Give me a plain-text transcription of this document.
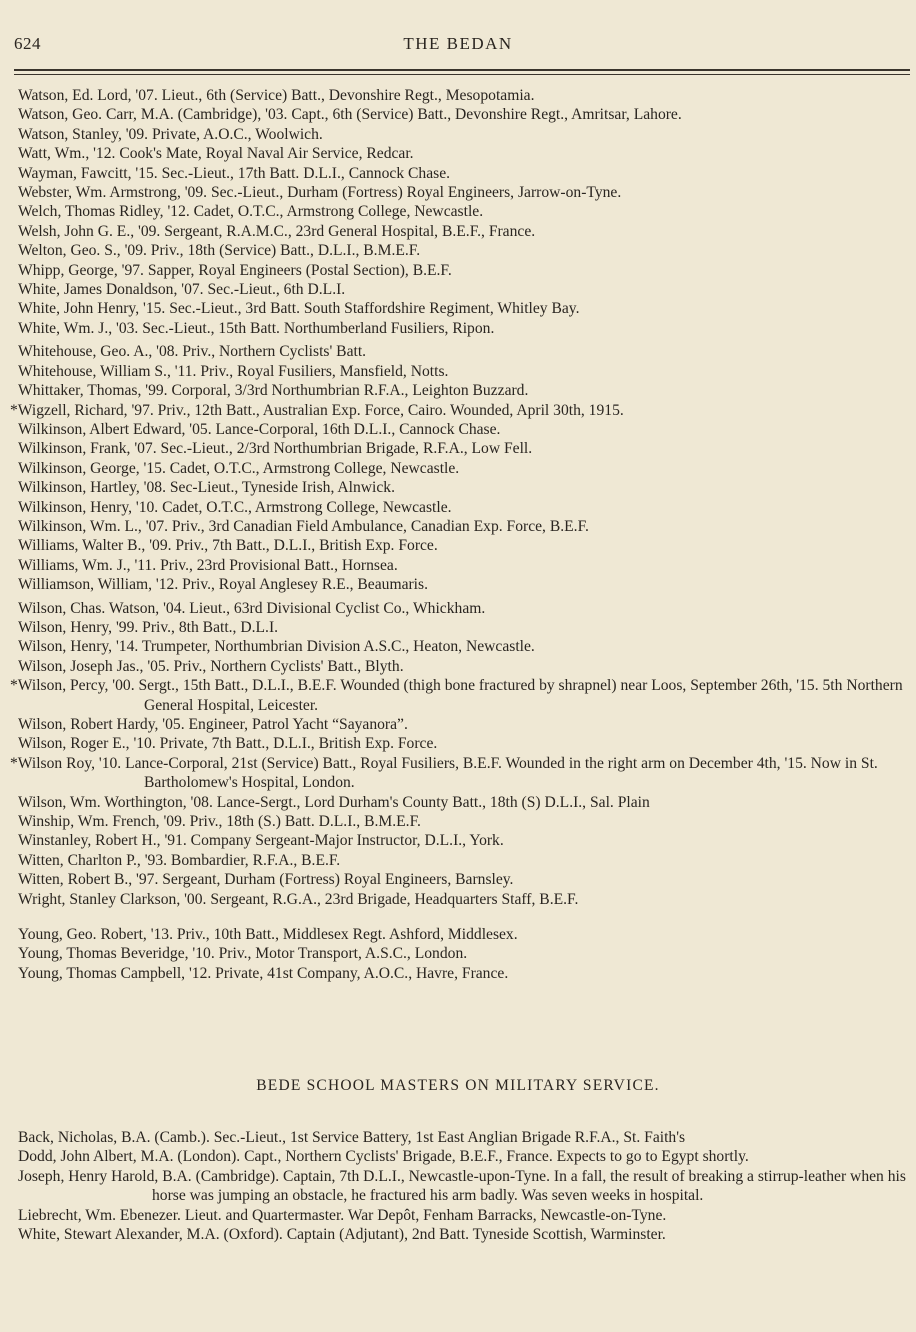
624	THE BEDAN
Watson, Ed. Lord, '07. Lieut., 6th (Service) Batt., Devonshire Regt., Mesopotamia.
Watson, Geo. Carr, M.A. (Cambridge), '03. Capt., 6th (Service) Batt., Devonshire Regt., Amritsar, Lahore.
Watson, Stanley, '09. Private, A.O.C., Woolwich.
Watt, Wm., '12. Cook's Mate, Royal Naval Air Service, Redcar.
Wayman, Fawcitt, '15. Sec.-Lieut., 17th Batt. D.L.I., Cannock Chase.
Webster, Wm. Armstrong, '09. Sec.-Lieut., Durham (Fortress) Royal Engineers, Jarrow-on-Tyne.
Welch, Thomas Ridley, '12. Cadet, O.T.C., Armstrong College, Newcastle.
Welsh, John G. E., '09. Sergeant, R.A.M.C., 23rd General Hospital, B.E.F., France.
Welton, Geo. S., '09. Priv., 18th (Service) Batt., D.L.I., B.M.E.F.
Whipp, George, '97. Sapper, Royal Engineers (Postal Section), B.E.F.
White, James Donaldson, '07. Sec.-Lieut., 6th D.L.I.
White, John Henry, '15. Sec.-Lieut., 3rd Batt. South Staffordshire Regiment, Whitley Bay.
White, Wm. J., '03. Sec.-Lieut., 15th Batt. Northumberland Fusiliers, Ripon.
Whitehouse, Geo. A., '08. Priv., Northern Cyclists' Batt.
Whitehouse, William S., '11. Priv., Royal Fusiliers, Mansfield, Notts.
Whittaker, Thomas, '99. Corporal, 3/3rd Northumbrian R.F.A., Leighton Buzzard.
*Wigzell, Richard, '97. Priv., 12th Batt., Australian Exp. Force, Cairo. Wounded, April 30th, 1915.
Wilkinson, Albert Edward, '05. Lance-Corporal, 16th D.L.I., Cannock Chase.
Wilkinson, Frank, '07. Sec.-Lieut., 2/3rd Northumbrian Brigade, R.F.A., Low Fell.
Wilkinson, George, '15. Cadet, O.T.C., Armstrong College, Newcastle.
Wilkinson, Hartley, '08. Sec-Lieut., Tyneside Irish, Alnwick.
Wilkinson, Henry, '10. Cadet, O.T.C., Armstrong College, Newcastle.
Wilkinson, Wm. L., '07. Priv., 3rd Canadian Field Ambulance, Canadian Exp. Force, B.E.F.
Williams, Walter B., '09. Priv., 7th Batt., D.L.I., British Exp. Force.
Williams, Wm. J., '11. Priv., 23rd Provisional Batt., Hornsea.
Williamson, William, '12. Priv., Royal Anglesey R.E., Beaumaris.
Wilson, Chas. Watson, '04. Lieut., 63rd Divisional Cyclist Co., Whickham.
Wilson, Henry, '99. Priv., 8th Batt., D.L.I.
Wilson, Henry, '14. Trumpeter, Northumbrian Division A.S.C., Heaton, Newcastle.
Wilson, Joseph Jas., '05. Priv., Northern Cyclists' Batt., Blyth.
*Wilson, Percy, '00. Sergt., 15th Batt., D.L.I., B.E.F. Wounded (thigh bone fractured by shrapnel) near Loos, September 26th, '15. 5th Northern General Hospital, Leicester.
Wilson, Robert Hardy, '05. Engineer, Patrol Yacht “Sayanora”.
Wilson, Roger E., '10. Private, 7th Batt., D.L.I., British Exp. Force.
*Wilson Roy, '10. Lance-Corporal, 21st (Service) Batt., Royal Fusiliers, B.E.F. Wounded in the right arm on December 4th, '15. Now in St. Bartholomew's Hospital, London.
Wilson, Wm. Worthington, '08. Lance-Sergt., Lord Durham's County Batt., 18th (S) D.L.I., Sal. Plain
Winship, Wm. French, '09. Priv., 18th (S.) Batt. D.L.I., B.M.E.F.
Winstanley, Robert H., '91. Company Sergeant-Major Instructor, D.L.I., York.
Witten, Charlton P., '93. Bombardier, R.F.A., B.E.F.
Witten, Robert B., '97. Sergeant, Durham (Fortress) Royal Engineers, Barnsley.
Wright, Stanley Clarkson, '00. Sergeant, R.G.A., 23rd Brigade, Headquarters Staff, B.E.F.
Young, Geo. Robert, '13. Priv., 10th Batt., Middlesex Regt. Ashford, Middlesex.
Young, Thomas Beveridge, '10. Priv., Motor Transport, A.S.C., London.
Young, Thomas Campbell, '12. Private, 41st Company, A.O.C., Havre, France.
BEDE SCHOOL MASTERS ON MILITARY SERVICE.
Back, Nicholas, B.A. (Camb.). Sec.-Lieut., 1st Service Battery, 1st East Anglian Brigade R.F.A., St. Faith's
Dodd, John Albert, M.A. (London). Capt., Northern Cyclists' Brigade, B.E.F., France. Expects to go to Egypt shortly.
Joseph, Henry Harold, B.A. (Cambridge). Captain, 7th D.L.I., Newcastle-upon-Tyne. In a fall, the result of breaking a stirrup-leather when his horse was jumping an obstacle, he fractured his arm badly. Was seven weeks in hospital.
Liebrecht, Wm. Ebenezer. Lieut. and Quartermaster. War Depôt, Fenham Barracks, Newcastle-on-Tyne.
White, Stewart Alexander, M.A. (Oxford). Captain (Adjutant), 2nd Batt. Tyneside Scottish, Warminster.
